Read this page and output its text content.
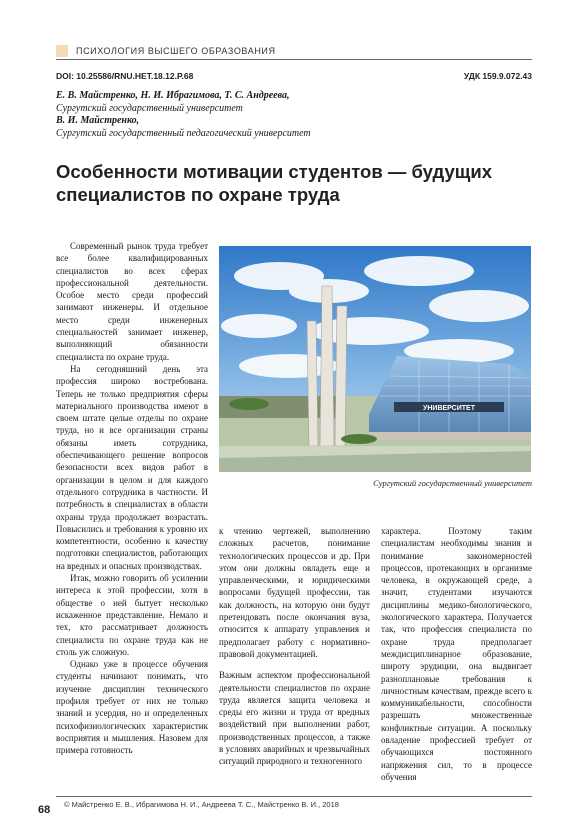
ПСИХОЛОГИЯ ВЫСШЕГО ОБРАЗОВАНИЯ
DOI: 10.25586/RNU.HET.18.12.P.68	УДК 159.9.072.43
Е. В. Майстренко, Н. И. Ибрагимова, Т. С. Андреева,
Сургутский государственный университет
В. И. Майстренко,
Сургутский государственный педагогический университет
Особенности мотивации студентов — будущих специалистов по охране труда

Современный рынок труда требует все более квалифицированных специалистов во всех сферах профессиональной деятельности. Особое место среди профессий занимают инженеры. И отдельное место среди инженерных специальностей занимает инженер, выполняющий обязанности специалиста по охране труда.

На сегодняшний день эта профессия широко востребована. Теперь не только предприятия сферы материального производства имеют в своем штате целые отделы по охране труда, но и все организации страны обязаны иметь сотрудника, обеспечивающего решение вопросов безопасности всех видов работ в организации в целом и для каждого отдельного сотрудника в частности. И потребность в специалистах в области охраны труда продолжает возрастать. Повысились и требования к уровню их компетентности, особенно к качеству подготовки специалистов, работающих на вредных и опасных производствах.

Итак, можно говорить об усилении интереса к этой профессии, хотя в обществе о ней бытует несколько искаженное представление. Немало и тех, кто рассматривает должность специалиста по охране труда как не столь уж сложную.

Однако уже в процессе обучения студенты начинают понимать, что изучение дисциплин технического профиля требует от них не только знаний и усердия, но и определенных психофизиологических характеристик восприятия и мышления. Назовем для примера готовность

УНИВЕРСИТЕТ
Сургутский государственный университет

к чтению чертежей, выполнению сложных расчетов, понимание технологических процессов и др. При этом они должны овладеть еще и управленческими, и юридическими вопросами будущей профессии, так как должность, на которую они будут претендовать после окончания вуза, относится к аппарату управления и предполагает работу с нормативно-правовой документацией.

Важным аспектом профессиональной деятельности специалистов по охране труда является защита человека и среды его жизни и труда от вредных воздействий при выполнении работ, производственных процессов, а также в условиях аварийных и чрезвычайных ситуаций природного и техногенного

характера. Поэтому таким специалистам необходимы знания и понимание закономерностей процессов, протекающих в организме человека, в окружающей среде, а значит, студентами изучаются дисциплины медико-биологического, экологического характера. Получается так, что профессия специалиста по охране труда предполагает междисциплинарное образование, широту эрудиции, она выдвигает разноплановые требования к личностным качествам, прежде всего к коммуникабельности, способности разрешать множественные конфликтные ситуации. А поскольку овладение профессией требует от обучающихся постоянного напряжения сил, то в процессе обучения

68 © Майстренко Е. В., Ибрагимова Н. И., Андреева Т. С., Майстренко В. И., 2018
